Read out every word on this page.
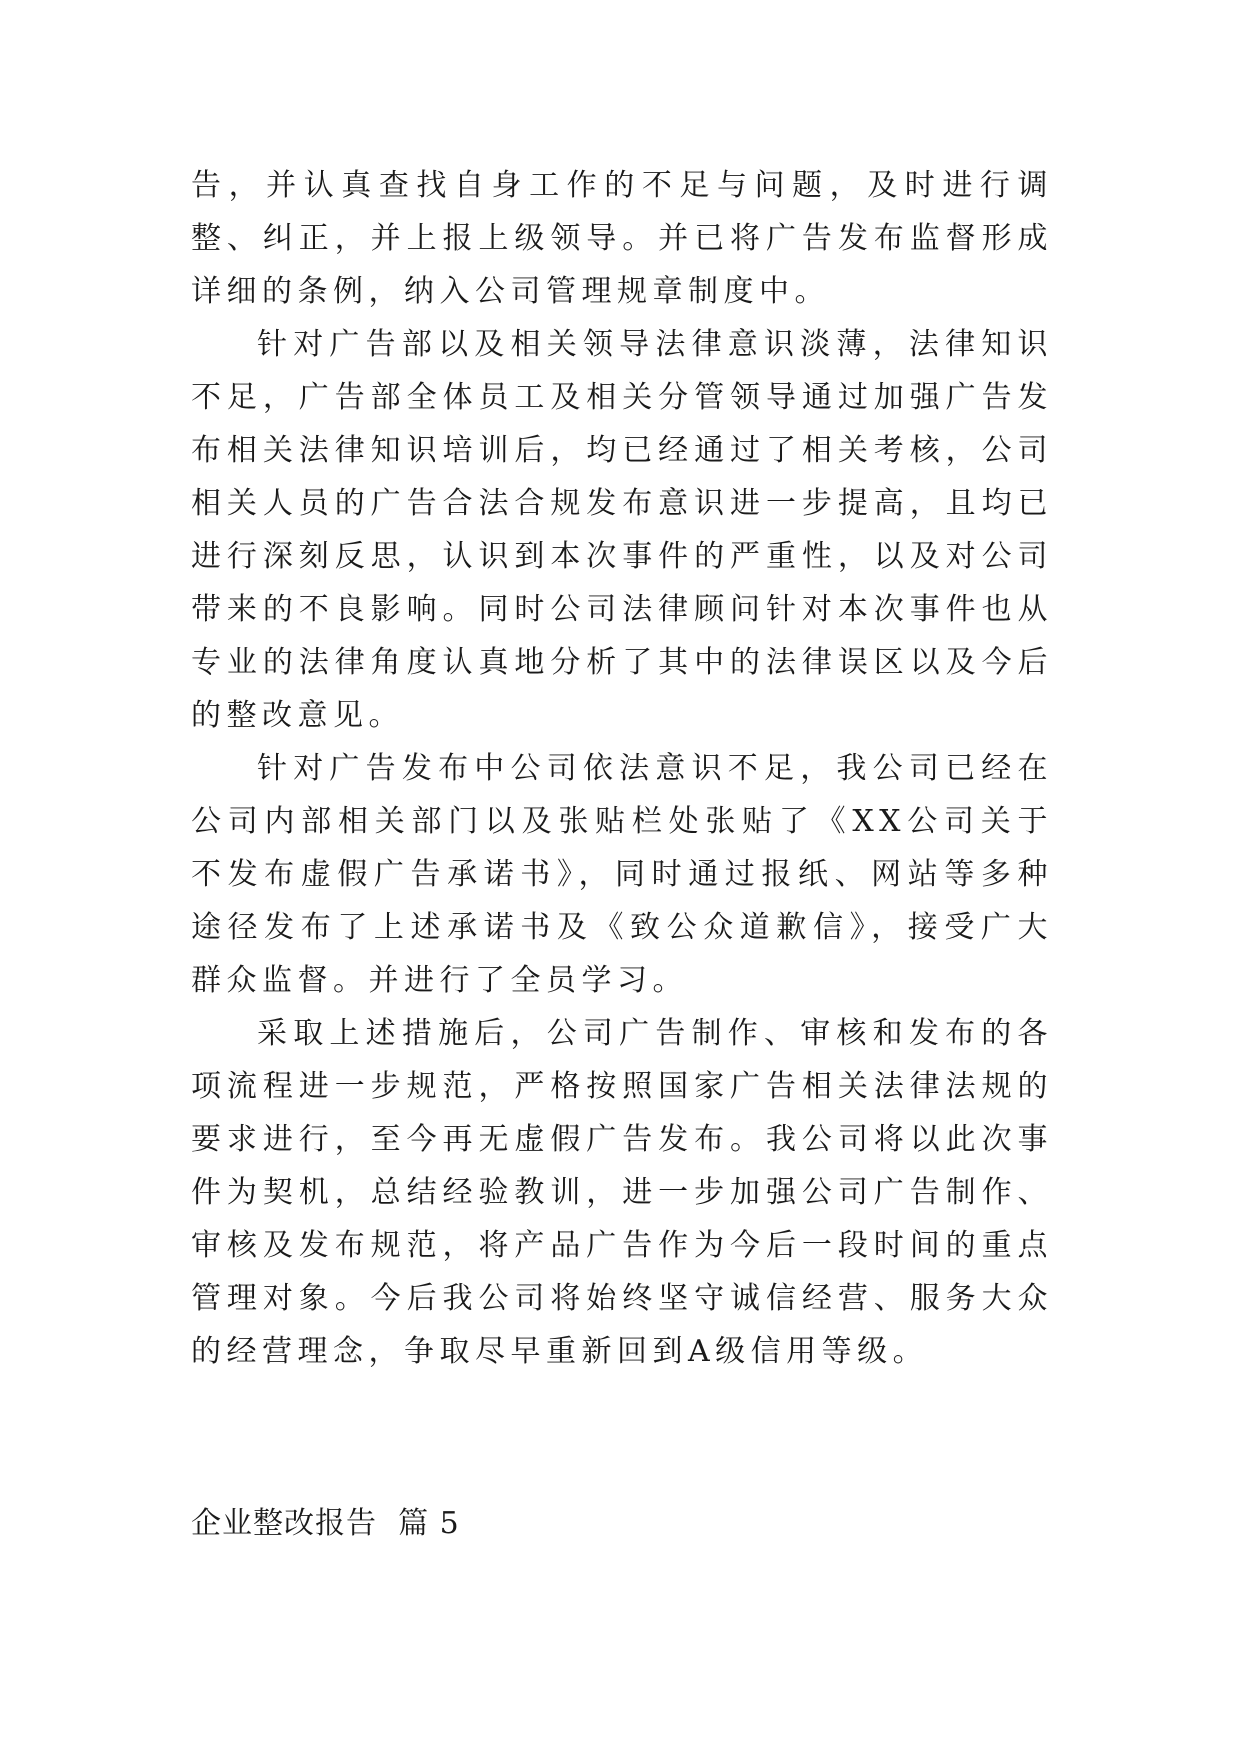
告，并认真查找自身工作的不足与问题，及时进行调整、纠正，并上报上级领导。并已将广告发布监督形成详细的条例，纳入公司管理规章制度中。

针对广告部以及相关领导法律意识淡薄，法律知识不足，广告部全体员工及相关分管领导通过加强广告发布相关法律知识培训后，均已经通过了相关考核，公司相关人员的广告合法合规发布意识进一步提高，且均已进行深刻反思，认识到本次事件的严重性，以及对公司带来的不良影响。同时公司法律顾问针对本次事件也从专业的法律角度认真地分析了其中的法律误区以及今后的整改意见。

针对广告发布中公司依法意识不足，我公司已经在公司内部相关部门以及张贴栏处张贴了《XX公司关于不发布虚假广告承诺书》，同时通过报纸、网站等多种途径发布了上述承诺书及《致公众道歉信》，接受广大群众监督。并进行了全员学习。

采取上述措施后，公司广告制作、审核和发布的各项流程进一步规范，严格按照国家广告相关法律法规的要求进行，至今再无虚假广告发布。我公司将以此次事件为契机，总结经验教训，进一步加强公司广告制作、审核及发布规范，将产品广告作为今后一段时间的重点管理对象。今后我公司将始终坚守诚信经营、服务大众的经营理念，争取尽早重新回到A级信用等级。

企业整改报告  篇 5
